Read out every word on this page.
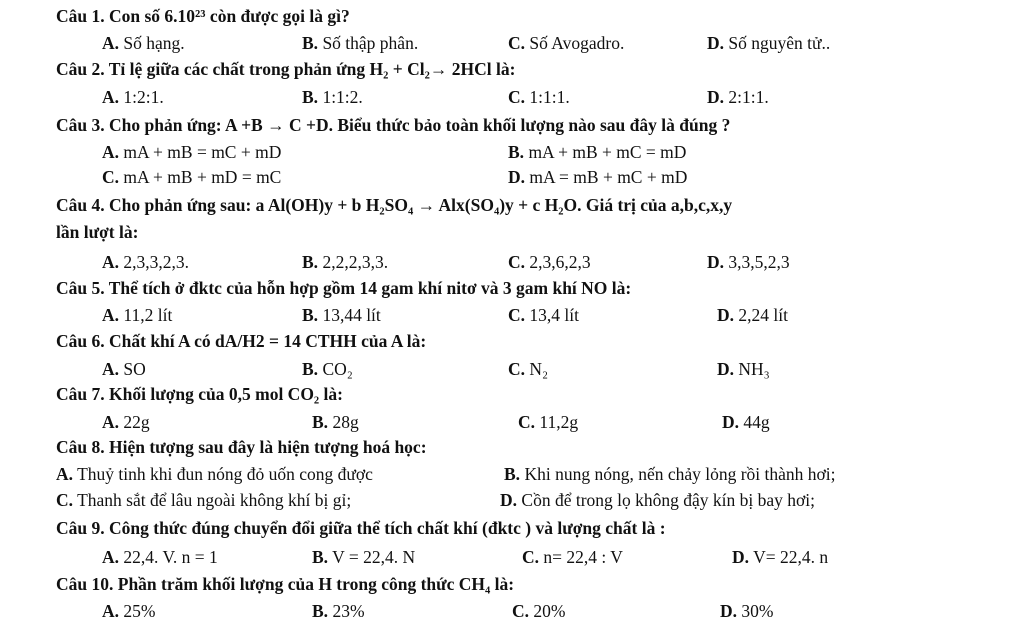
Câu 1. Con số 6.10²³ còn được gọi là gì?
A. Số hạng.	B. Số thập phân.	C. Số Avogadro.	D. Số nguyên tử..
Câu 2. Tỉ lệ giữa các chất trong phản ứng H₂ + Cl₂→ 2HCl là:
A. 1:2:1.	B. 1:1:2.	C. 1:1:1.	D. 2:1:1.
Câu 3. Cho phản ứng: A +B → C +D. Biểu thức bảo toàn khối lượng nào sau đây là đúng ?
A. mA + mB = mC + mD	B. mA + mB + mC = mD
C. mA + mB + mD = mC	D. mA = mB + mC + mD
Câu 4. Cho phản ứng sau: a Al(OH)y + b H₂SO₄ → Alx(SO₄)y + c H₂O. Giá trị của a,b,c,x,y
lần lượt là:
A. 2,3,3,2,3.	B. 2,2,2,3,3.	C. 2,3,6,2,3	D. 3,3,5,2,3
Câu 5. Thể tích ở đktc của hỗn hợp gồm 14 gam khí nitơ và 3 gam khí NO là:
A. 11,2 lít	B. 13,44 lít	C. 13,4 lít	D. 2,24 lít
Câu 6. Chất khí A có dA/H2 = 14 CTHH của A là:
A. SO	B. CO₂	C. N₂	D. NH₃
Câu 7. Khối lượng của 0,5 mol CO₂ là:
A. 22g	B. 28g	C. 11,2g	D. 44g
Câu 8. Hiện tượng sau đây là hiện tượng hoá học:
A. Thuỷ tinh khi đun nóng đỏ uốn cong được	B. Khi nung nóng, nến chảy lỏng rồi thành hơi;
C. Thanh sắt để lâu ngoài không khí bị gỉ;	D. Cồn để trong lọ không đậy kín bị bay hơi;
Câu 9. Công thức đúng chuyển đổi giữa thể tích chất khí (đktc ) và lượng chất là :
A. 22,4. V. n = 1	B. V = 22,4. N	C. n= 22,4 : V	D. V= 22,4. n
Câu 10. Phần trăm khối lượng của H trong công thức CH₄ là:
A. 25%	B. 23%	C. 20%	D. 30%
